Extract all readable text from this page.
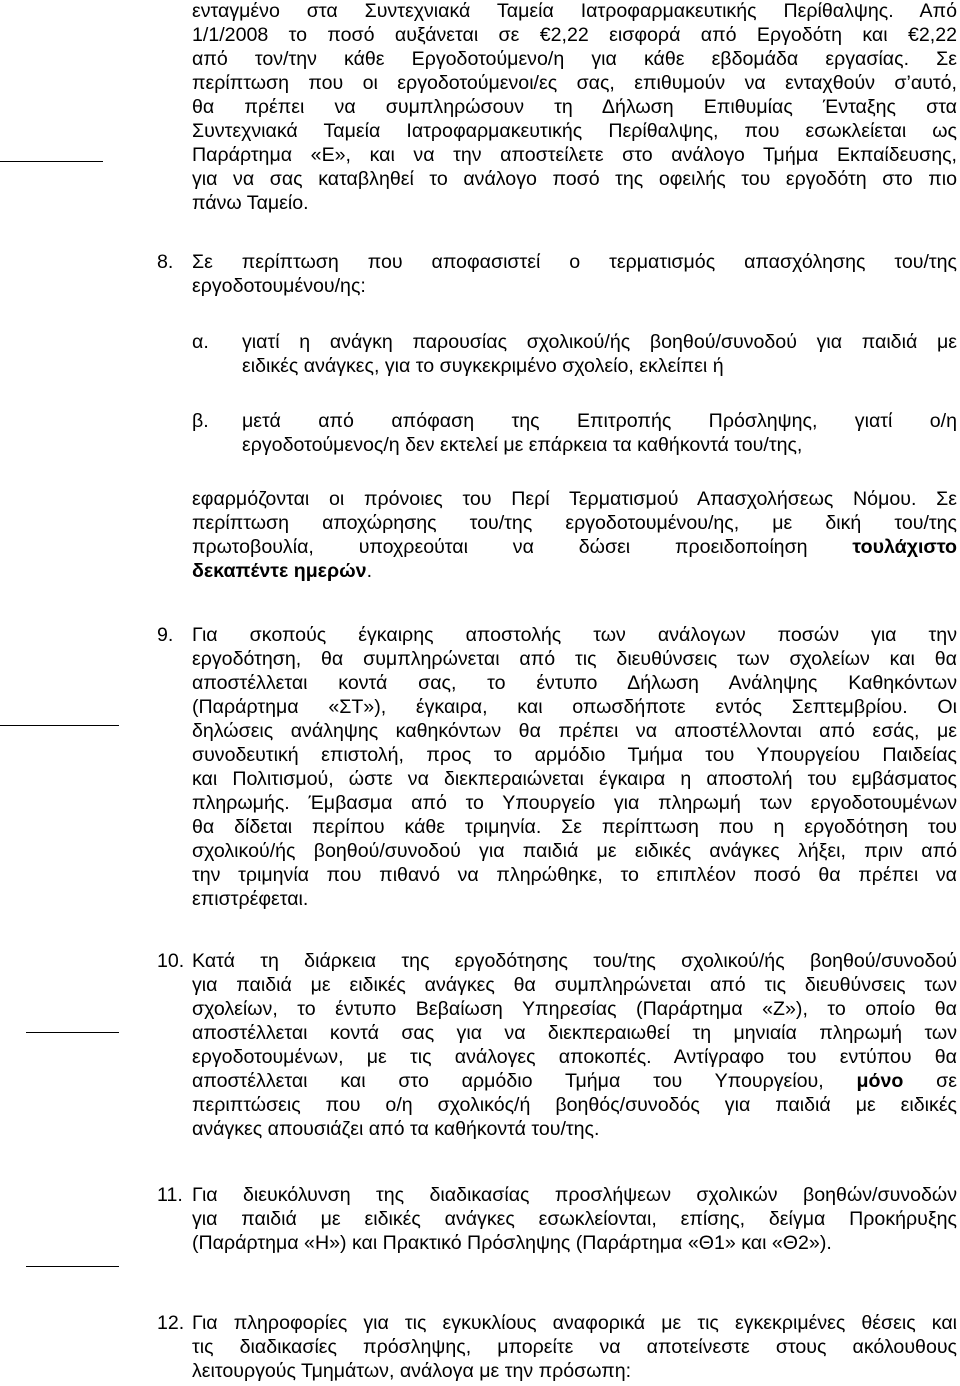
ενταγμένο στα Συντεχνιακά Ταμεία Ιατροφαρμακευτικής Περίθαλψης. Από
1/1/2008 το ποσό αυξάνεται σε €2,22 εισφορά από Εργοδότη και €2,22
από τον/την κάθε Εργοδοτούμενο/η για κάθε εβδομάδα εργασίας. Σε
περίπτωση που οι εργοδοτούμενοι/ες σας, επιθυμούν να ενταχθούν σ’αυτό,
θα πρέπει να συμπληρώσουν τη Δήλωση Επιθυμίας Ένταξης στα
Συντεχνιακά Ταμεία Ιατροφαρμακευτικής Περίθαλψης, που εσωκλείεται ως
Παράρτημα «Ε», και να την αποστείλετε στο ανάλογο Τμήμα Εκπαίδευσης,
για να σας καταβληθεί το ανάλογο ποσό της οφειλής του εργοδότη στο πιο
πάνω Ταμείο.
8. Σε περίπτωση που αποφασιστεί ο τερματισμός απασχόλησης του/της
εργοδοτουμένου/ης:
α. γιατί η ανάγκη παρουσίας σχολικού/ής βοηθού/συνοδού για παιδιά με
ειδικές ανάγκες, για το συγκεκριμένο σχολείο, εκλείπει ή
β. μετά από απόφαση της Επιτροπής Πρόσληψης, γιατί ο/η
εργοδοτούμενος/η δεν εκτελεί με επάρκεια τα καθήκοντά του/της,
εφαρμόζονται οι πρόνοιες του Περί Τερματισμού Απασχολήσεως Νόμου. Σε
περίπτωση αποχώρησης του/της εργοδοτουμένου/ης, με δική του/της
πρωτοβουλία, υποχρεούται να δώσει προειδοποίηση τουλάχιστο
δεκαπέντε ημερών.
9. Για σκοπούς έγκαιρης αποστολής των ανάλογων ποσών για την
εργοδότηση, θα συμπληρώνεται από τις διευθύνσεις των σχολείων και θα
αποστέλλεται κοντά σας, το έντυπο Δήλωση Ανάληψης Καθηκόντων
(Παράρτημα «ΣΤ»), έγκαιρα, και οπωσδήποτε εντός Σεπτεμβρίου. Οι
δηλώσεις ανάληψης καθηκόντων θα πρέπει να αποστέλλονται από εσάς, με
συνοδευτική επιστολή, προς το αρμόδιο Τμήμα του Υπουργείου Παιδείας
και Πολιτισμού, ώστε να διεκπεραιώνεται έγκαιρα η αποστολή του εμβάσματος
πληρωμής. Έμβασμα από το Υπουργείο για πληρωμή των εργοδοτουμένων
θα δίδεται περίπου κάθε τριμηνία. Σε περίπτωση που η εργοδότηση του
σχολικού/ής βοηθού/συνοδού για παιδιά με ειδικές ανάγκες λήξει, πριν από
την τριμηνία που πιθανό να πληρώθηκε, το επιπλέον ποσό θα πρέπει να
επιστρέφεται.
10. Κατά τη διάρκεια της εργοδότησης του/της σχολικού/ής βοηθού/συνοδού
για παιδιά με ειδικές ανάγκες θα συμπληρώνεται από τις διευθύνσεις των
σχολείων, το έντυπο Βεβαίωση Υπηρεσίας (Παράρτημα «Ζ»), το οποίο θα
αποστέλλεται κοντά σας για να διεκπεραιωθεί τη μηνιαία πληρωμή των
εργοδοτουμένων, με τις ανάλογες αποκοπές. Αντίγραφο του εντύπου θα
αποστέλλεται και στο αρμόδιο Τμήμα του Υπουργείου, μόνο σε
περιπτώσεις που ο/η σχολικός/ή βοηθός/συνοδός για παιδιά με ειδικές
ανάγκες απουσιάζει από τα καθήκοντά του/της.
11. Για διευκόλυνση της διαδικασίας προσλήψεων σχολικών βοηθών/συνοδών
για παιδιά με ειδικές ανάγκες εσωκλείονται, επίσης, δείγμα Προκήρυξης
(Παράρτημα «Η») και Πρακτικό Πρόσληψης (Παράρτημα «Θ1» και «Θ2»).
12. Για πληροφορίες για τις εγκυκλίους αναφορικά με τις εγκεκριμένες θέσεις και
τις διαδικασίες πρόσληψης, μπορείτε να αποτείνεστε στους ακόλουθους
λειτουργούς Τμημάτων, ανάλογα με την πρόσωπη:
